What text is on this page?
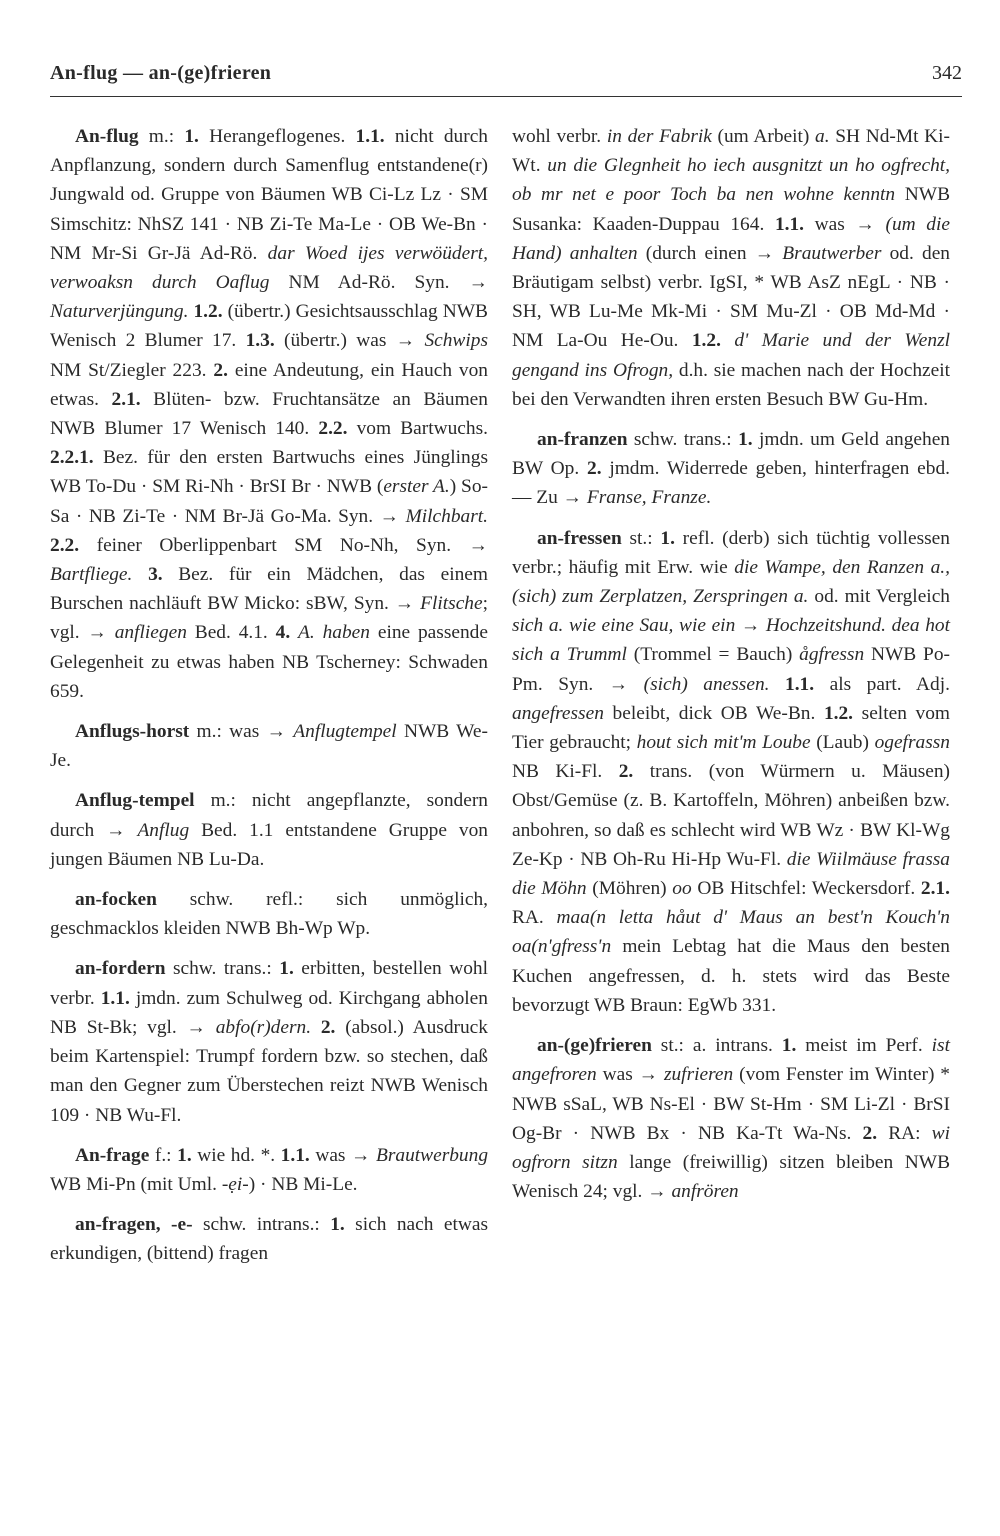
An-flug — an-(ge)frieren	342

An-flug m.: 1. Herangeflogenes. 1.1. nicht durch Anpflanzung, sondern durch Samenflug entstandene(r) Jungwald od. Gruppe von Bäumen WB Ci-Lz Lz · SM Simschitz: NhSZ 141 · NB Zi-Te Ma-Le · OB We-Bn · NM Mr-Si Gr-Jä Ad-Rö. dar Woed ijes verwöüdert, verwoaksn durch Oaflug NM Ad-Rö. Syn. → Naturverjüngung. 1.2. (übertr.) Gesichtsausschlag NWB Wenisch 2 Blumer 17. 1.3. (übertr.) was → Schwips NM St/Ziegler 223. 2. eine Andeutung, ein Hauch von etwas. 2.1. Blüten- bzw. Fruchtansätze an Bäumen NWB Blumer 17 Wenisch 140. 2.2. vom Bartwuchs. 2.2.1. Bez. für den ersten Bartwuchs eines Jünglings WB To-Du · SM Ri-Nh · BrSI Br · NWB (erster A.) So-Sa · NB Zi-Te · NM Br-Jä Go-Ma. Syn. → Milchbart. 2.2. feiner Oberlippenbart SM No-Nh, Syn. → Bartfliege. 3. Bez. für ein Mädchen, das einem Burschen nachläuft BW Micko: sBW, Syn. → Flitsche; vgl. → anfliegen Bed. 4.1. 4. A. haben eine passende Gelegenheit zu etwas haben NB Tscherney: Schwaden 659.

Anflugs-horst m.: was → Anflugtempel NWB We-Je.

Anflug-tempel m.: nicht angepflanzte, sondern durch → Anflug Bed. 1.1 entstandene Gruppe von jungen Bäumen NB Lu-Da.

an-focken schw. refl.: sich unmöglich, geschmacklos kleiden NWB Bh-Wp Wp.

an-fordern schw. trans.: 1. erbitten, bestellen wohl verbr. 1.1. jmdn. zum Schulweg od. Kirchgang abholen NB St-Bk; vgl. → abfo(r)dern. 2. (absol.) Ausdruck beim Kartenspiel: Trumpf fordern bzw. so stechen, daß man den Gegner zum Überstechen reizt NWB Wenisch 109 · NB Wu-Fl.

An-frage f.: 1. wie hd. *. 1.1. was → Brautwerbung WB Mi-Pn (mit Uml. -ẹi-) · NB Mi-Le.

an-fragen, -e- schw. intrans.: 1. sich nach etwas erkundigen, (bittend) fragen

wohl verbr. in der Fabrik (um Arbeit) a. SH Nd-Mt Ki-Wt. un die Glegnheit ho iech ausgnitzt un ho ogfrecht, ob mr net e poor Toch ba nen wohne kenntn NWB Susanka: Kaaden-Duppau 164. 1.1. was → (um die Hand) anhalten (durch einen → Brautwerber od. den Bräutigam selbst) verbr. IgSI, * WB AsZ nEgL · NB · SH, WB Lu-Me Mk-Mi · SM Mu-Zl · OB Md-Md · NM La-Ou He-Ou. 1.2. d' Marie und der Wenzl gengand ins Ofrogn, d.h. sie machen nach der Hochzeit bei den Verwandten ihren ersten Besuch BW Gu-Hm.

an-franzen schw. trans.: 1. jmdn. um Geld angehen BW Op. 2. jmdm. Widerrede geben, hinterfragen ebd. — Zu → Franse, Franze.

an-fressen st.: 1. refl. (derb) sich tüchtig vollessen verbr.; häufig mit Erw. wie die Wampe, den Ranzen a., (sich) zum Zerplatzen, Zerspringen a. od. mit Vergleich sich a. wie eine Sau, wie ein → Hochzeitshund. dea hot sich a Trumml (Trommel = Bauch) ågfressn NWB Po-Pm. Syn. → (sich) anessen. 1.1. als part. Adj. angefressen beleibt, dick OB We-Bn. 1.2. selten vom Tier gebraucht; hout sich mit'm Loube (Laub) ogefrassn NB Ki-Fl. 2. trans. (von Würmern u. Mäusen) Obst/Gemüse (z. B. Kartoffeln, Möhren) anbeißen bzw. anbohren, so daß es schlecht wird WB Wz · BW Kl-Wg Ze-Kp · NB Oh-Ru Hi-Hp Wu-Fl. die Wiilmäuse frassa die Möhn (Möhren) oo OB Hitschfel: Weckersdorf. 2.1. RA. maa(n letta håut d' Maus an best'n Kouch'n oa(n'gfress'n mein Lebtag hat die Maus den besten Kuchen angefressen, d. h. stets wird das Beste bevorzugt WB Braun: EgWb 331.

an-(ge)frieren st.: a. intrans. 1. meist im Perf. ist angefroren was → zufrieren (vom Fenster im Winter) * NWB sSaL, WB Ns-El · BW St-Hm · SM Li-Zl · BrSI Og-Br · NWB Bx · NB Ka-Tt Wa-Ns. 2. RA: wi ogfrorn sitzn lange (freiwillig) sitzen bleiben NWB Wenisch 24; vgl. → anfrören
